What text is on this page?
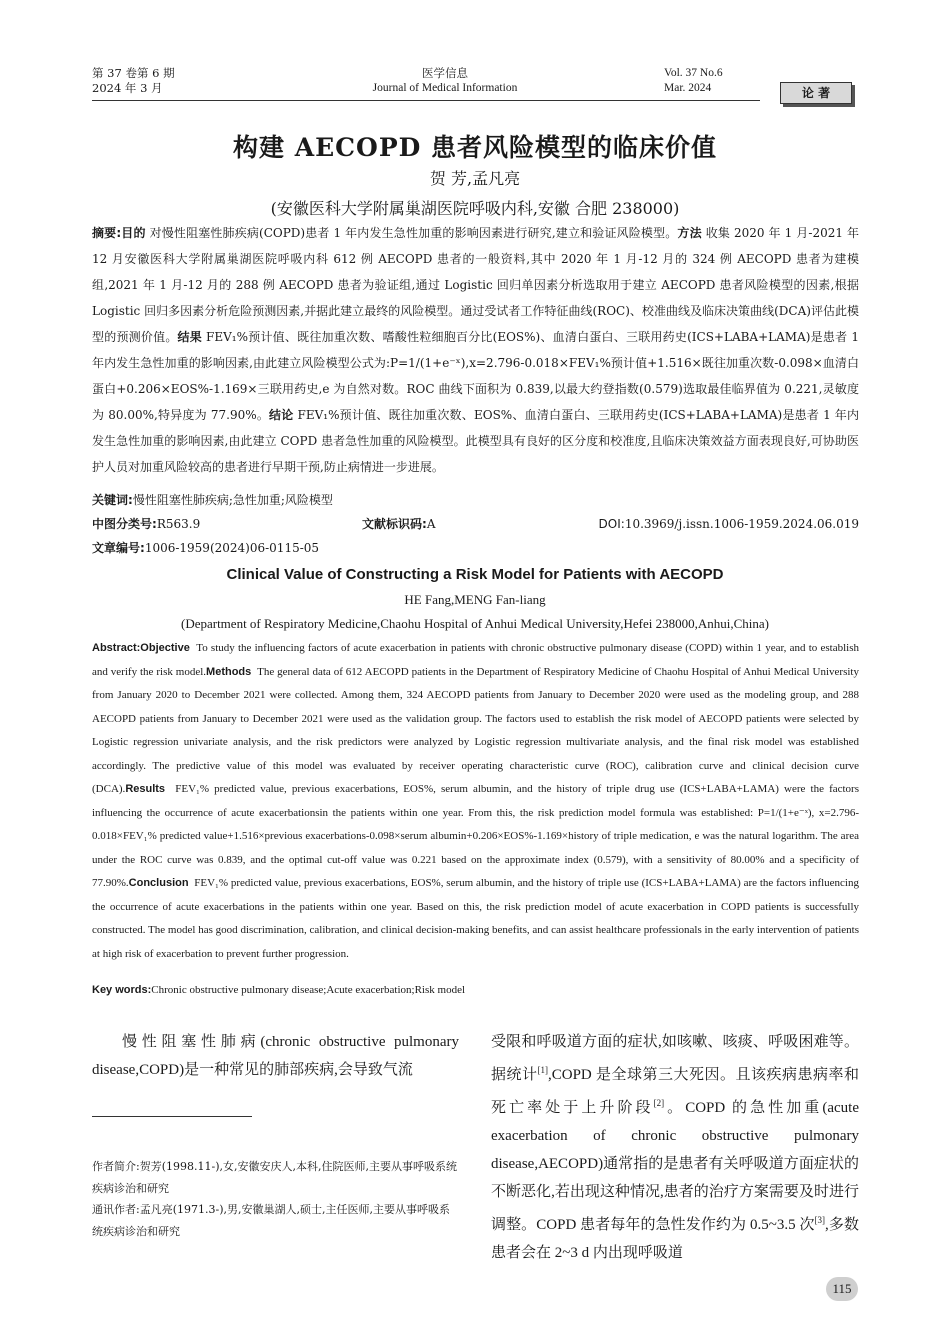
第 37 卷第 6 期
2024 年 3 月
医学信息
Journal of Medical Information
Vol. 37 No.6
Mar. 2024	论 著
构建 AECOPD 患者风险模型的临床价值
贺 芳,孟凡亮
(安徽医科大学附属巢湖医院呼吸内科,安徽 合肥 238000)
摘要:目的 对慢性阻塞性肺疾病(COPD)患者 1 年内发生急性加重的影响因素进行研究,建立和验证风险模型。方法 收集 2020 年 1 月-2021 年 12 月安徽医科大学附属巢湖医院呼吸内科 612 例 AECOPD 患者的一般资料,其中 2020 年 1 月-12 月的 324 例 AECOPD 患者为建模组,2021 年 1 月-12 月的 288 例 AECOPD 患者为验证组,通过 Logistic 回归单因素分析选取用于建立 AECOPD 患者风险模型的因素,根据 Logistic 回归多因素分析危险预测因素,并据此建立最终的风险模型。通过受试者工作特征曲线(ROC)、校准曲线及临床决策曲线(DCA)评估此模型的预测价值。结果 FEV₁%预计值、既往加重次数、嗜酸性粒细胞百分比(EOS%)、血清白蛋白、三联用药史(ICS+LABA+LAMA)是患者 1 年内发生急性加重的影响因素,由此建立风险模型公式为:P=1/(1+e⁻ˣ),x=2.796-0.018×FEV₁%预计值+1.516×既往加重次数-0.098×血清白蛋白+0.206×EOS%-1.169×三联用药史,e 为自然对数。ROC 曲线下面积为 0.839,以最大约登指数(0.579)选取最佳临界值为 0.221,灵敏度为 80.00%,特异度为 77.90%。结论 FEV₁%预计值、既往加重次数、EOS%、血清白蛋白、三联用药史(ICS+LABA+LAMA)是患者 1 年内发生急性加重的影响因素,由此建立 COPD 患者急性加重的风险模型。此模型具有良好的区分度和校准度,且临床决策效益方面表现良好,可协助医护人员对加重风险较高的患者进行早期干预,防止病情进一步进展。
关键词:慢性阻塞性肺疾病;急性加重;风险模型
中图分类号:R563.9	文献标识码:A	DOI:10.3969/j.issn.1006-1959.2024.06.019
文章编号:1006-1959(2024)06-0115-05
Clinical Value of Constructing a Risk Model for Patients with AECOPD
HE Fang,MENG Fan-liang
(Department of Respiratory Medicine,Chaohu Hospital of Anhui Medical University,Hefei 238000,Anhui,China)
Abstract:Objective To study the influencing factors of acute exacerbation in patients with chronic obstructive pulmonary disease (COPD) within 1 year, and to establish and verify the risk model.Methods The general data of 612 AECOPD patients in the Department of Respiratory Medicine of Chaohu Hospital of Anhui Medical University from January 2020 to December 2021 were collected. Among them, 324 AECOPD patients from January to December 2020 were used as the modeling group, and 288 AECOPD patients from January to December 2021 were used as the validation group. The factors used to establish the risk model of AECOPD patients were selected by Logistic regression univariate analysis, and the risk predictors were analyzed by Logistic regression multivariate analysis, and the final risk model was established accordingly. The predictive value of this model was evaluated by receiver operating characteristic curve (ROC), calibration curve and clinical decision curve (DCA).Results FEV₁% predicted value, previous exacerbations, EOS%, serum albumin, and the history of triple drug use (ICS+LABA+LAMA) were the factors influencing the occurrence of acute exacerbationsin the patients within one year. From this, the risk prediction model formula was established: P=1/(1+e⁻ˣ), x=2.796-0.018×FEV₁% predicted value+1.516×previous exacerbations-0.098×serum albumin+0.206×EOS%-1.169×history of triple medication, e was the natural logarithm. The area under the ROC curve was 0.839, and the optimal cut-off value was 0.221 based on the approximate index (0.579), with a sensitivity of 80.00% and a specificity of 77.90%.Conclusion FEV₁% predicted value, previous exacerbations, EOS%, serum albumin, and the history of triple use (ICS+LABA+LAMA) are the factors influencing the occurrence of acute exacerbations in the patients within one year. Based on this, the risk prediction model of acute exacerbation in COPD patients is successfully constructed. The model has good discrimination, calibration, and clinical decision-making benefits, and can assist healthcare professionals in the early intervention of patients at high risk of exacerbation to prevent further progression.
Key words:Chronic obstructive pulmonary disease;Acute exacerbation;Risk model
慢性阻塞性肺病(chronic obstructive pulmonary disease,COPD)是一种常见的肺部疾病,会导致气流
作者简介:贺芳(1998.11-),女,安徽安庆人,本科,住院医师,主要从事呼吸系统疾病诊治和研究
通讯作者:孟凡亮(1971.3-),男,安徽巢湖人,硕士,主任医师,主要从事呼吸系统疾病诊治和研究
受限和呼吸道方面的症状,如咳嗽、咳痰、呼吸困难等。据统计[1],COPD 是全球第三大死因。且该疾病患病率和死亡率处于上升阶段[2]。COPD 的急性加重(acute exacerbation of chronic obstructive pulmonary disease,AECOPD)通常指的是患者有关呼吸道方面症状的不断恶化,若出现这种情况,患者的治疗方案需要及时进行调整。COPD 患者每年的急性发作约为 0.5~3.5 次[3],多数患者会在 2~3 d 内出现呼吸道
115
